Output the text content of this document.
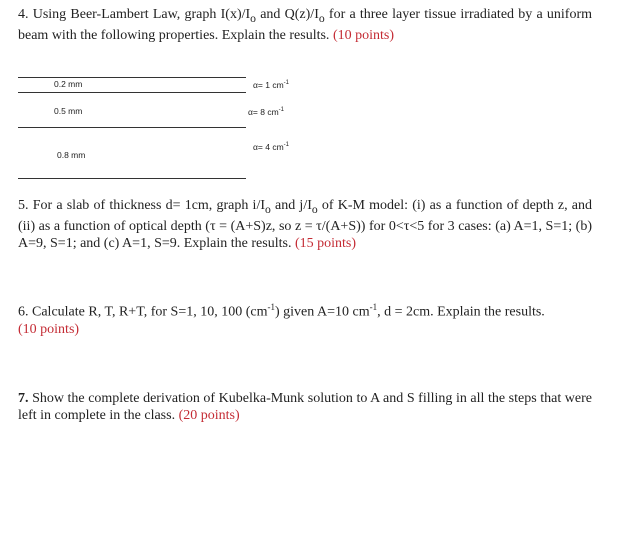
4. Using Beer-Lambert Law, graph $I(x)/I_o$ and $Q(z)/I_o$ for a three layer tissue irradiated by a uniform beam with the following properties. Explain the results. (10 points)
0.2 mm	α= 1 $cm^{-1}$
0.5 mm	α= 8 $cm^{-1}$
0.8 mm
α= 4 $cm^{-1}$
5. For a slab of thickness d= 1cm, graph $i/I_o$ and $j/I_o$ of K-M model: (i) as a function of depth z, and (ii) as a function of optical depth (τ = (A+S)z, so z = τ/(A+S)) for 0<τ<5 for 3 cases: (a) A=1, S=1; (b) A=9, S=1; and (c) A=1, S=9. Explain the results. (15 points)
6. Calculate R, T, R+T, for S=1, 10, 100 $(cm^{-1})$ given A=10 $cm^{-1}$, d = 2cm. Explain the results.
(10 points)
7. Show the complete derivation of Kubelka-Munk solution to A and S filling in all the steps that were left in complete in the class. (20 points)
